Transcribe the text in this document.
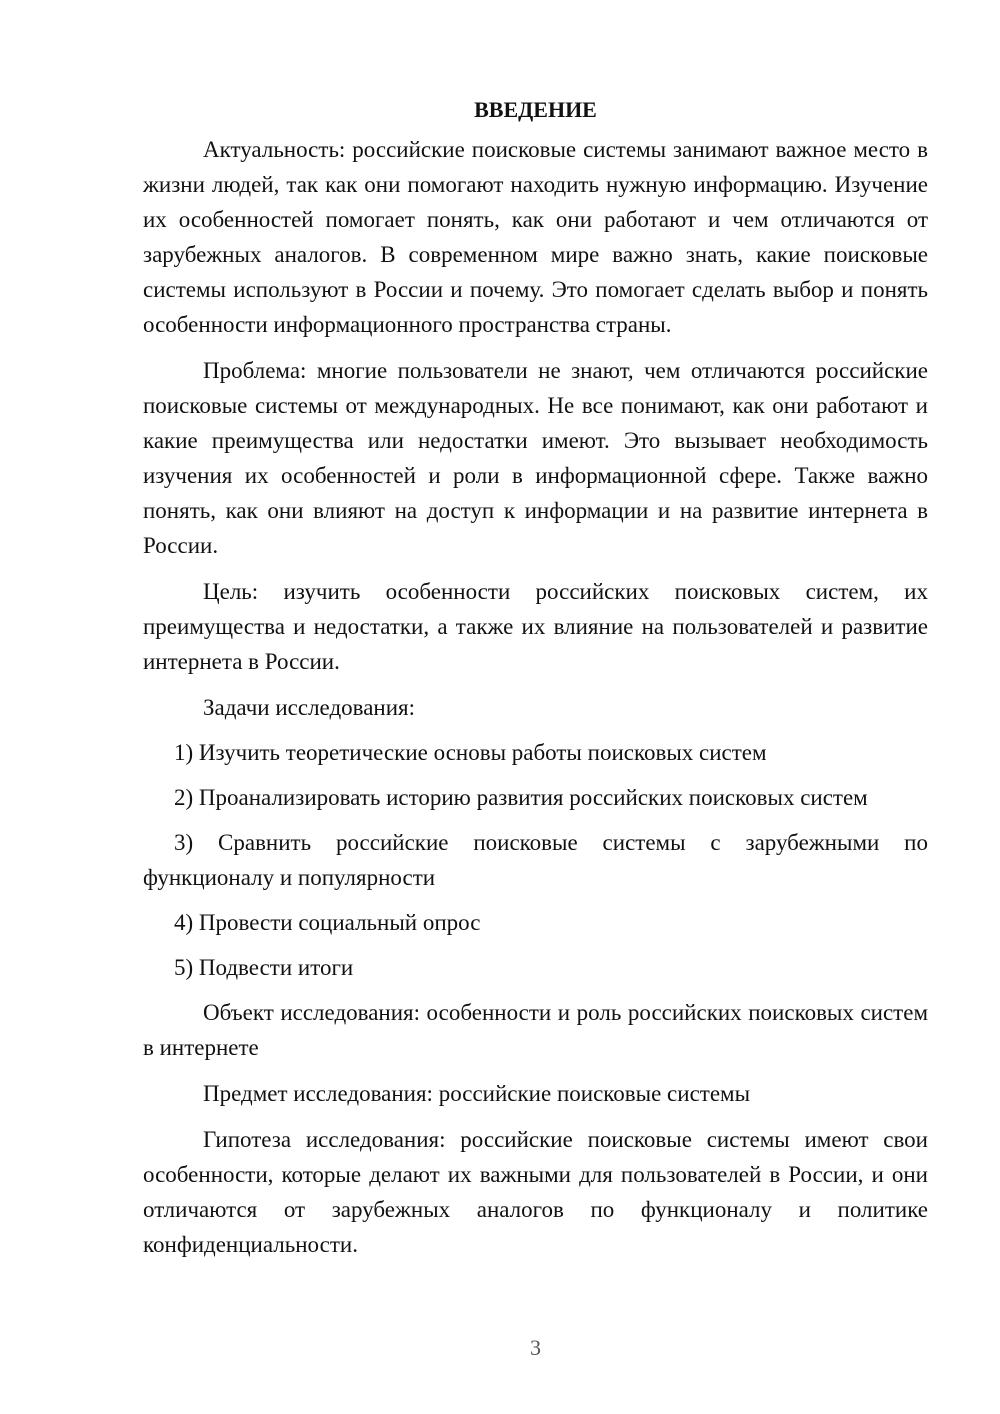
ВВЕДЕНИЕ

Актуальность: российские поисковые системы занимают важное место в жизни людей, так как они помогают находить нужную информацию. Изучение их особенностей помогает понять, как они работают и чем отличаются от зарубежных аналогов. В современном мире важно знать, какие поисковые системы используют в России и почему. Это помогает сделать выбор и понять особенности информационного пространства страны.

Проблема: многие пользователи не знают, чем отличаются российские поисковые системы от международных. Не все понимают, как они работают и какие преимущества или недостатки имеют. Это вызывает необходимость изучения их особенностей и роли в информационной сфере. Также важно понять, как они влияют на доступ к информации и на развитие интернета в России.

Цель: изучить особенности российских поисковых систем, их преимущества и недостатки, а также их влияние на пользователей и развитие интернета в России.

Задачи исследования:

1) Изучить теоретические основы работы поисковых систем

2) Проанализировать историю развития российских поисковых систем

3) Сравнить российские поисковые системы с зарубежными по функционалу и популярности

4) Провести социальный опрос

5) Подвести итоги

Объект исследования: особенности и роль российских поисковых систем в интернете

Предмет исследования: российские поисковые системы

Гипотеза исследования: российские поисковые системы имеют свои особенности, которые делают их важными для пользователей в России, и они отличаются от зарубежных аналогов по функционалу и политике конфиденциальности.

3
